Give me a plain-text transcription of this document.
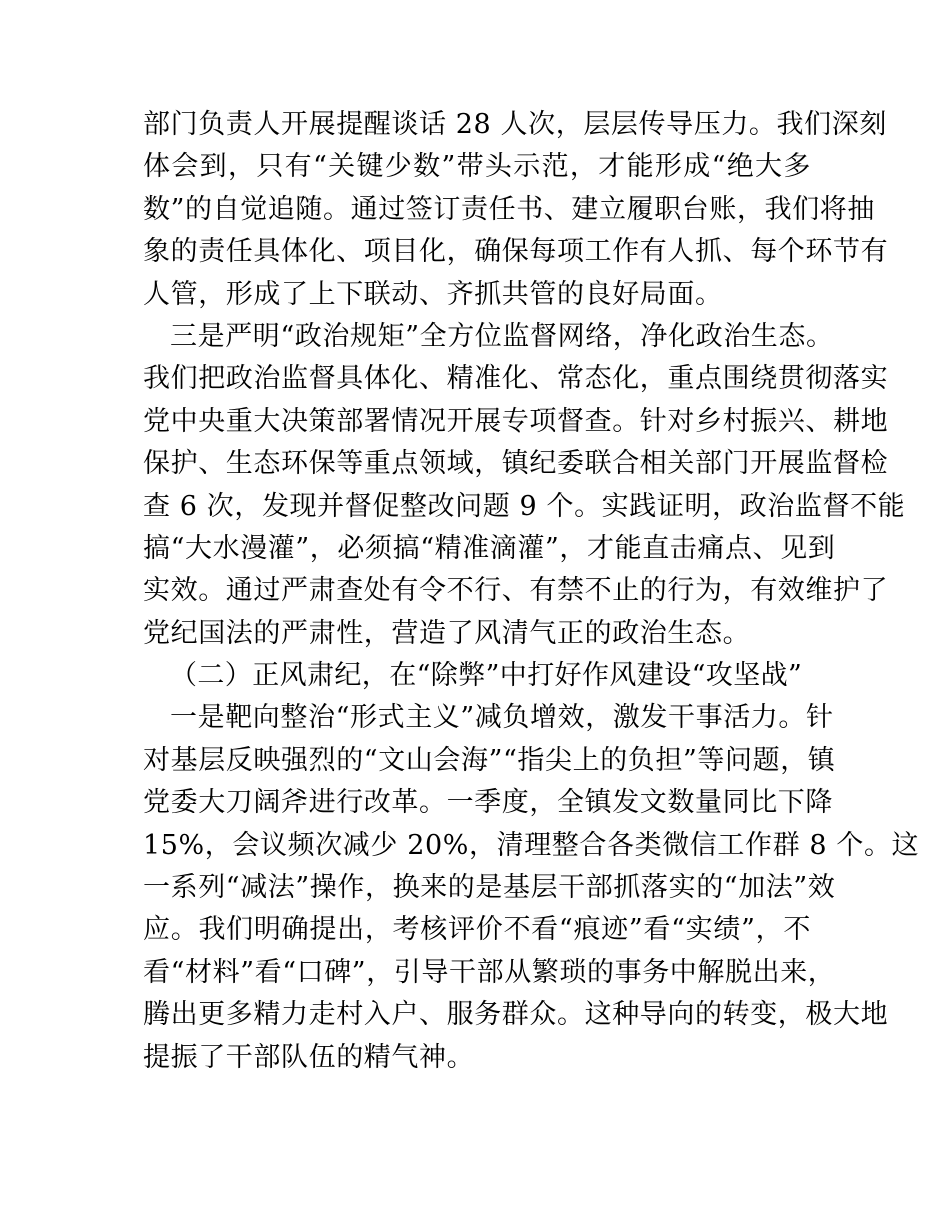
部门负责人开展提醒谈话 28 人次，层层传导压力。我们深刻
体会到，只有“关键少数”带头示范，才能形成“绝大多
数”的自觉追随。通过签订责任书、建立履职台账，我们将抽
象的责任具体化、项目化，确保每项工作有人抓、每个环节有
人管，形成了上下联动、齐抓共管的良好局面。
三是严明“政治规矩”全方位监督网络，净化政治生态。
我们把政治监督具体化、精准化、常态化，重点围绕贯彻落实
党中央重大决策部署情况开展专项督查。针对乡村振兴、耕地
保护、生态环保等重点领域，镇纪委联合相关部门开展监督检
查 6 次，发现并督促整改问题 9 个。实践证明，政治监督不能
搞“大水漫灌”，必须搞“精准滴灌”，才能直击痛点、见到
实效。通过严肃查处有令不行、有禁不止的行为，有效维护了
党纪国法的严肃性，营造了风清气正的政治生态。
（二）正风肃纪，在“除弊”中打好作风建设“攻坚战”
一是靶向整治“形式主义”减负增效，激发干事活力。针
对基层反映强烈的“文山会海”“指尖上的负担”等问题，镇
党委大刀阔斧进行改革。一季度，全镇发文数量同比下降
15%，会议频次减少 20%，清理整合各类微信工作群 8 个。这
一系列“减法”操作，换来的是基层干部抓落实的“加法”效
应。我们明确提出，考核评价不看“痕迹”看“实绩”，不
看“材料”看“口碑”，引导干部从繁琐的事务中解脱出来，
腾出更多精力走村入户、服务群众。这种导向的转变，极大地
提振了干部队伍的精气神。
